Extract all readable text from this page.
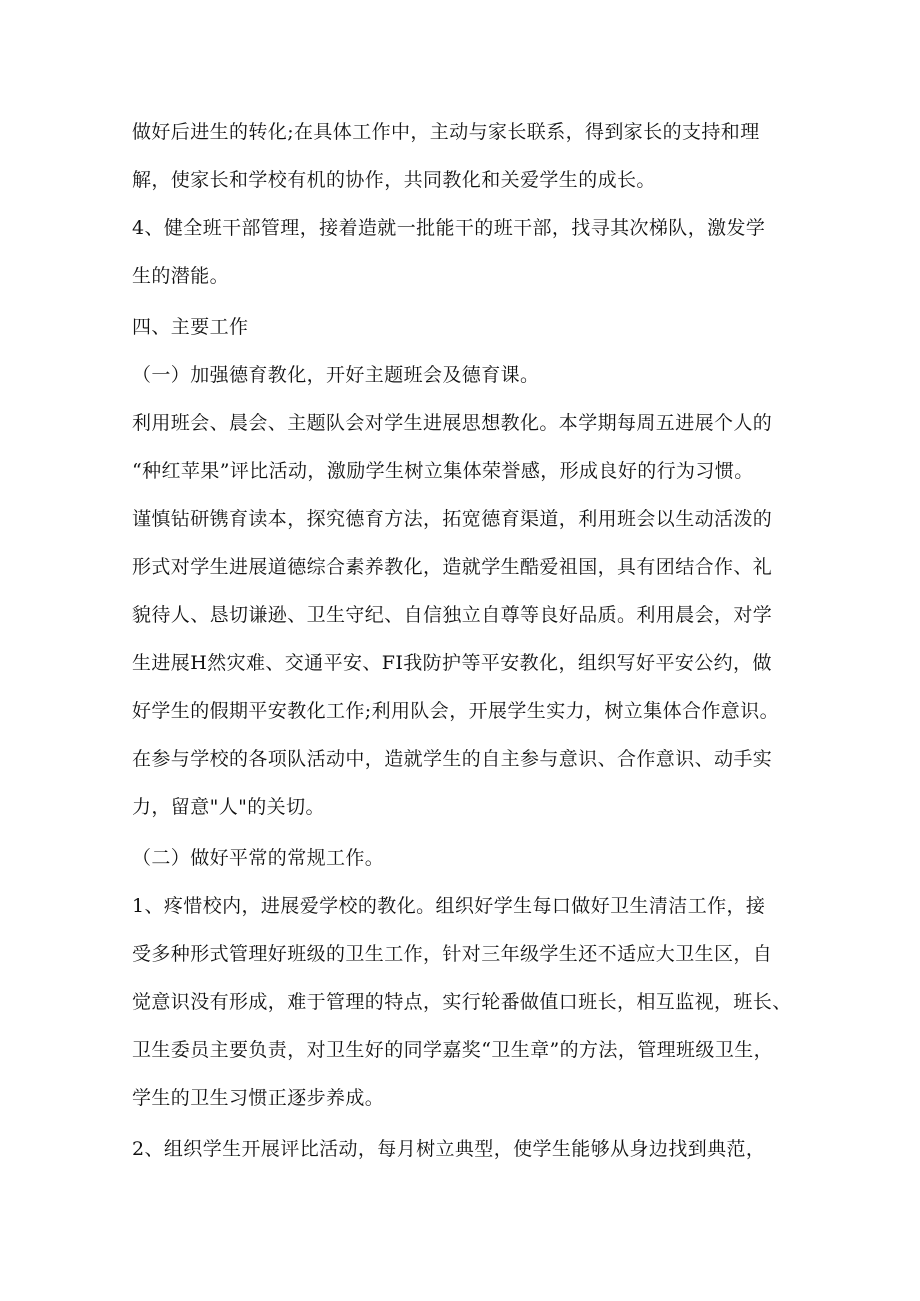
做好后进生的转化;在具体工作中，主动与家长联系，得到家长的支持和理
解，使家长和学校有机的协作，共同教化和关爱学生的成长。
4、健全班干部管理，接着造就一批能干的班干部，找寻其次梯队，激发学
生的潜能。
四、主要工作
（一）加强德育教化，开好主题班会及德育课。
利用班会、晨会、主题队会对学生进展思想教化。本学期每周五进展个人的
“种红苹果”评比活动，激励学生树立集体荣誉感，形成良好的行为习惯。
谨慎钻研镌育读本，探究德育方法，拓宽德育渠道，利用班会以生动活泼的
形式对学生进展道德综合素养教化，造就学生酷爱祖国，具有团结合作、礼
貌待人、恳切谦逊、卫生守纪、自信独立自尊等良好品质。利用晨会，对学
生进展H然灾难、交通平安、FI我防护等平安教化，组织写好平安公约，做
好学生的假期平安教化工作;利用队会，开展学生实力，树立集体合作意识。
在参与学校的各项队活动中，造就学生的自主参与意识、合作意识、动手实
力，留意"人"的关切。
（二）做好平常的常规工作。
1、疼惜校内，进展爱学校的教化。组织好学生每口做好卫生清洁工作，接
受多种形式管理好班级的卫生工作，针对三年级学生还不适应大卫生区，自
觉意识没有形成，难于管理的特点，实行轮番做值口班长，相互监视，班长、
卫生委员主要负责，对卫生好的同学嘉奖“卫生章”的方法，管理班级卫生，
学生的卫生习惯正逐步养成。
2、组织学生开展评比活动，每月树立典型，使学生能够从身边找到典范，
